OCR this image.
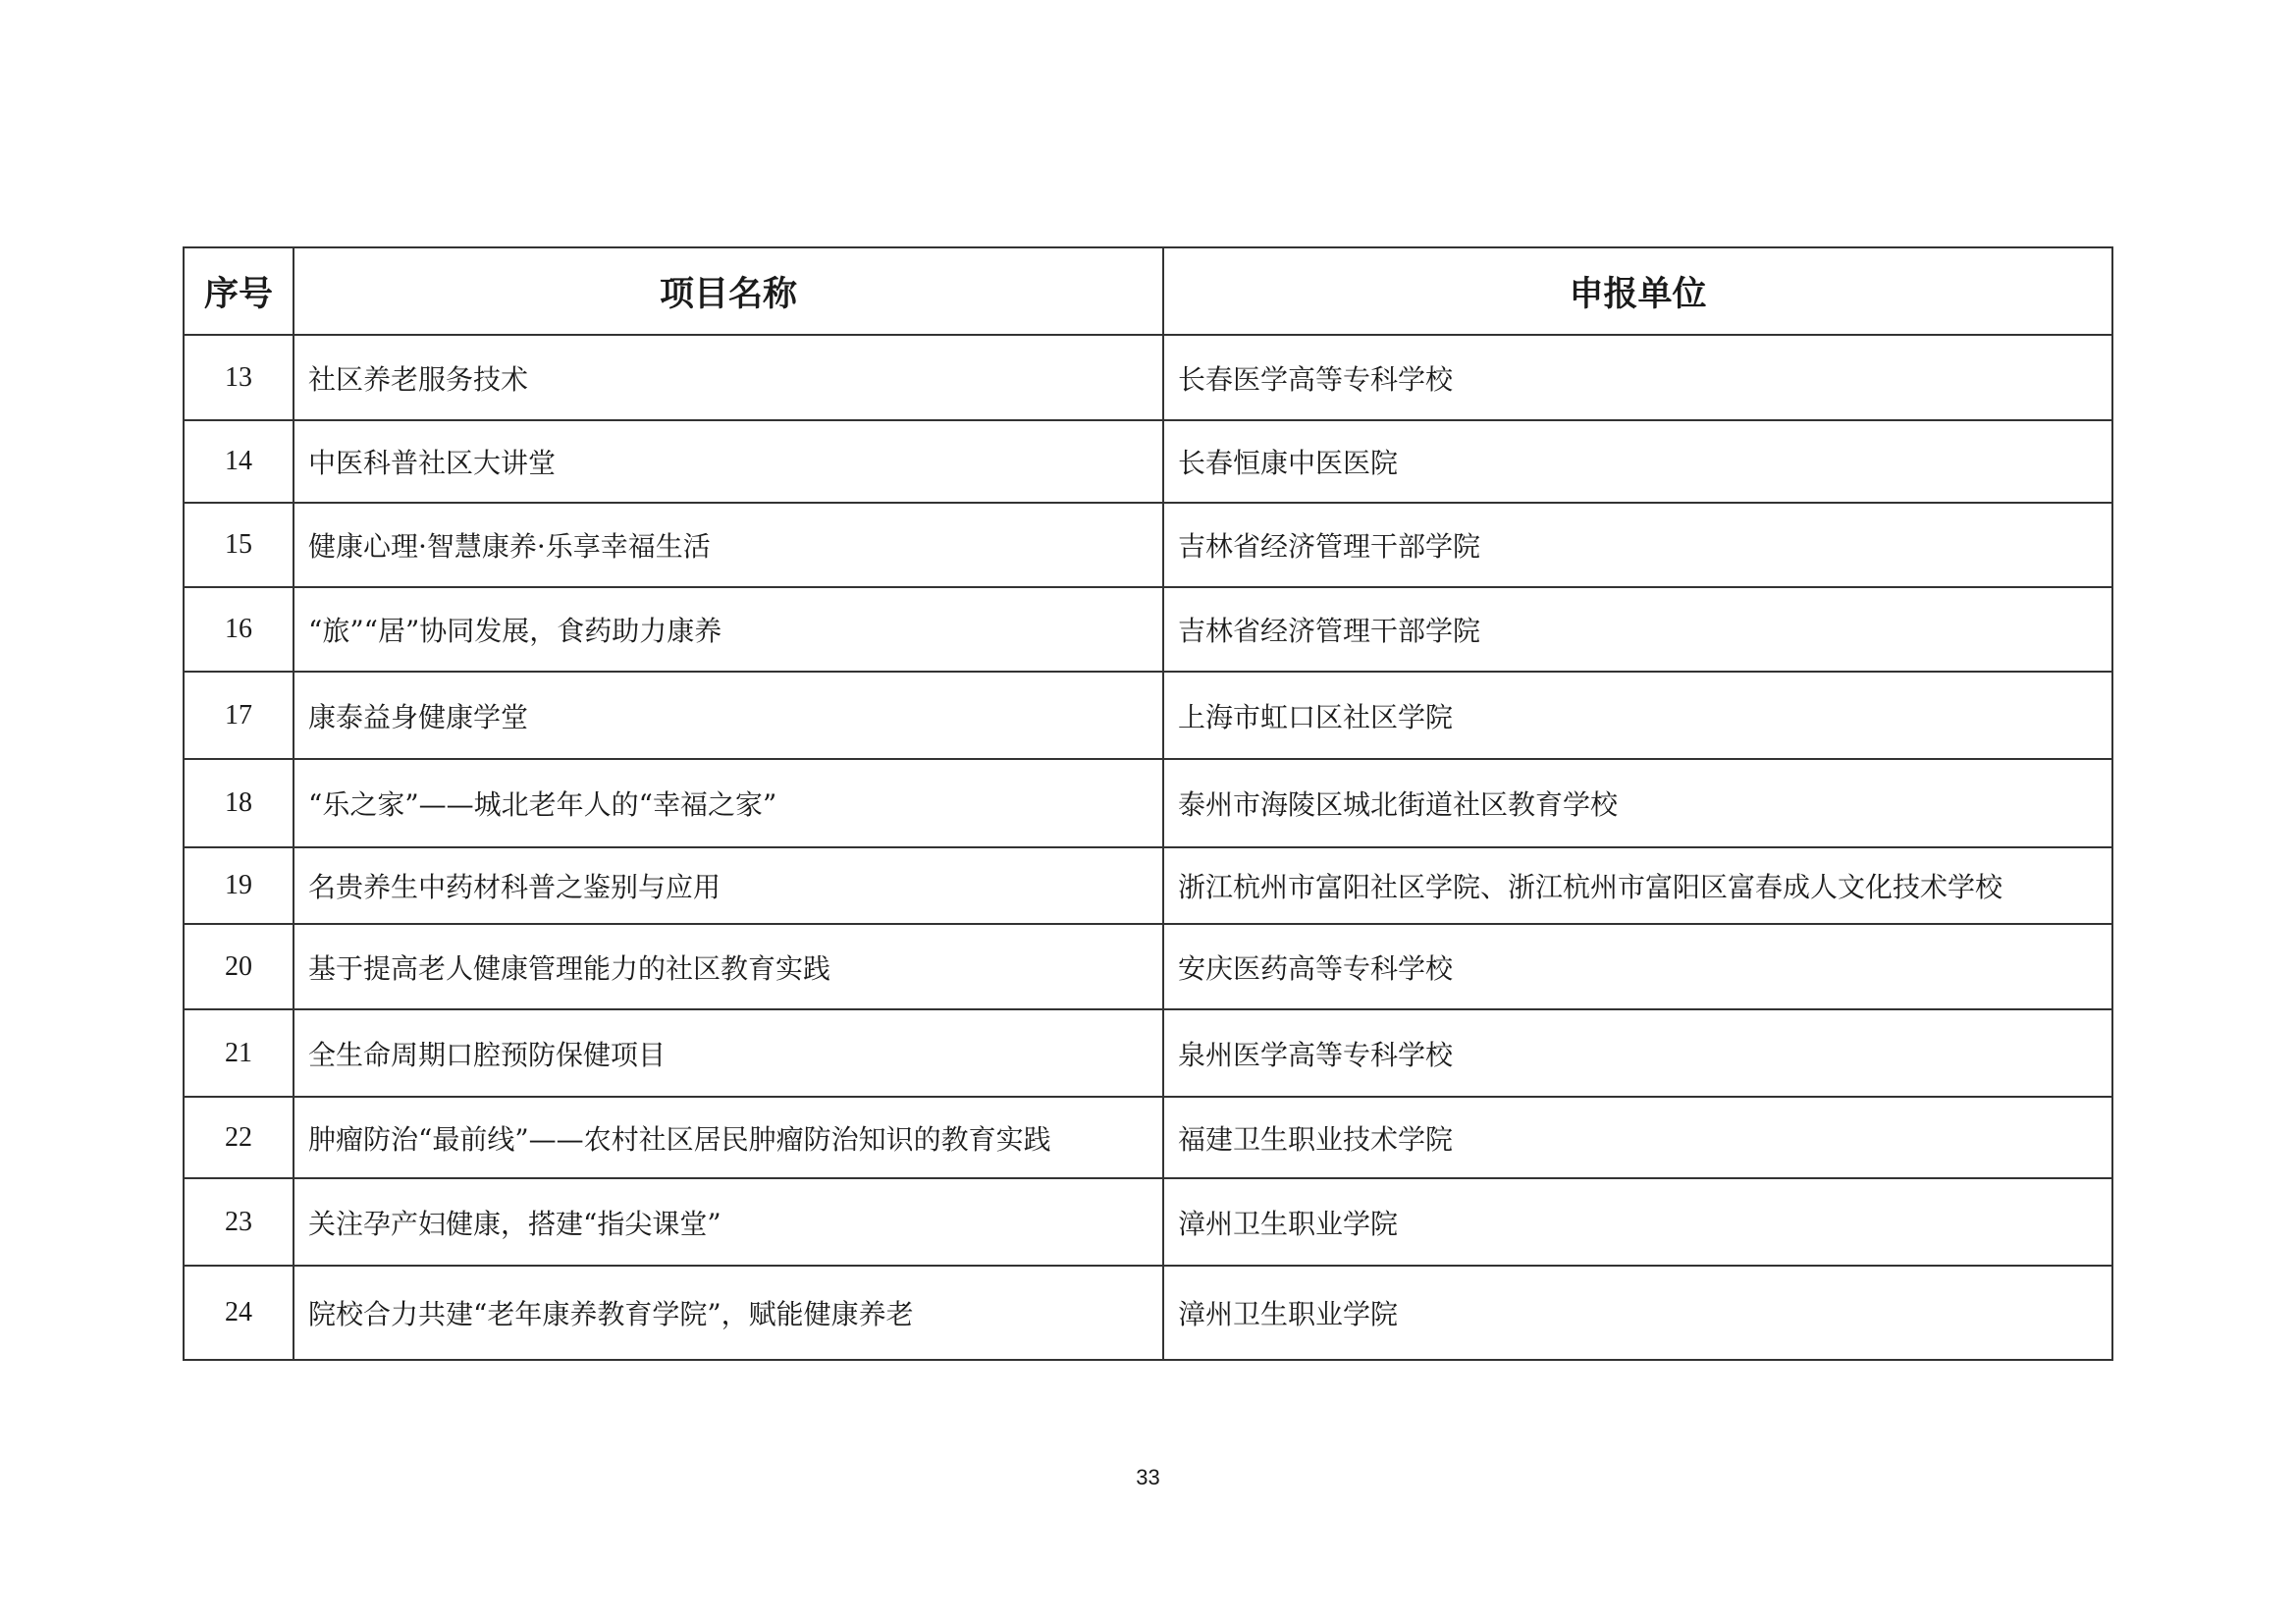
序号	项目名称	申报单位
13	社区养老服务技术	长春医学高等专科学校
14	中医科普社区大讲堂	长春恒康中医医院
15	健康心理·智慧康养·乐享幸福生活	吉林省经济管理干部学院
16	“旅”“居”协同发展，食药助力康养	吉林省经济管理干部学院
17	康泰益身健康学堂	上海市虹口区社区学院
18	“乐之家”——城北老年人的“幸福之家”	泰州市海陵区城北街道社区教育学校
19	名贵养生中药材科普之鉴别与应用	浙江杭州市富阳社区学院、浙江杭州市富阳区富春成人文化技术学校
20	基于提高老人健康管理能力的社区教育实践	安庆医药高等专科学校
21	全生命周期口腔预防保健项目	泉州医学高等专科学校
22	肿瘤防治“最前线”——农村社区居民肿瘤防治知识的教育实践	福建卫生职业技术学院
23	关注孕产妇健康，搭建“指尖课堂”	漳州卫生职业学院
24	院校合力共建“老年康养教育学院”，赋能健康养老	漳州卫生职业学院
33
